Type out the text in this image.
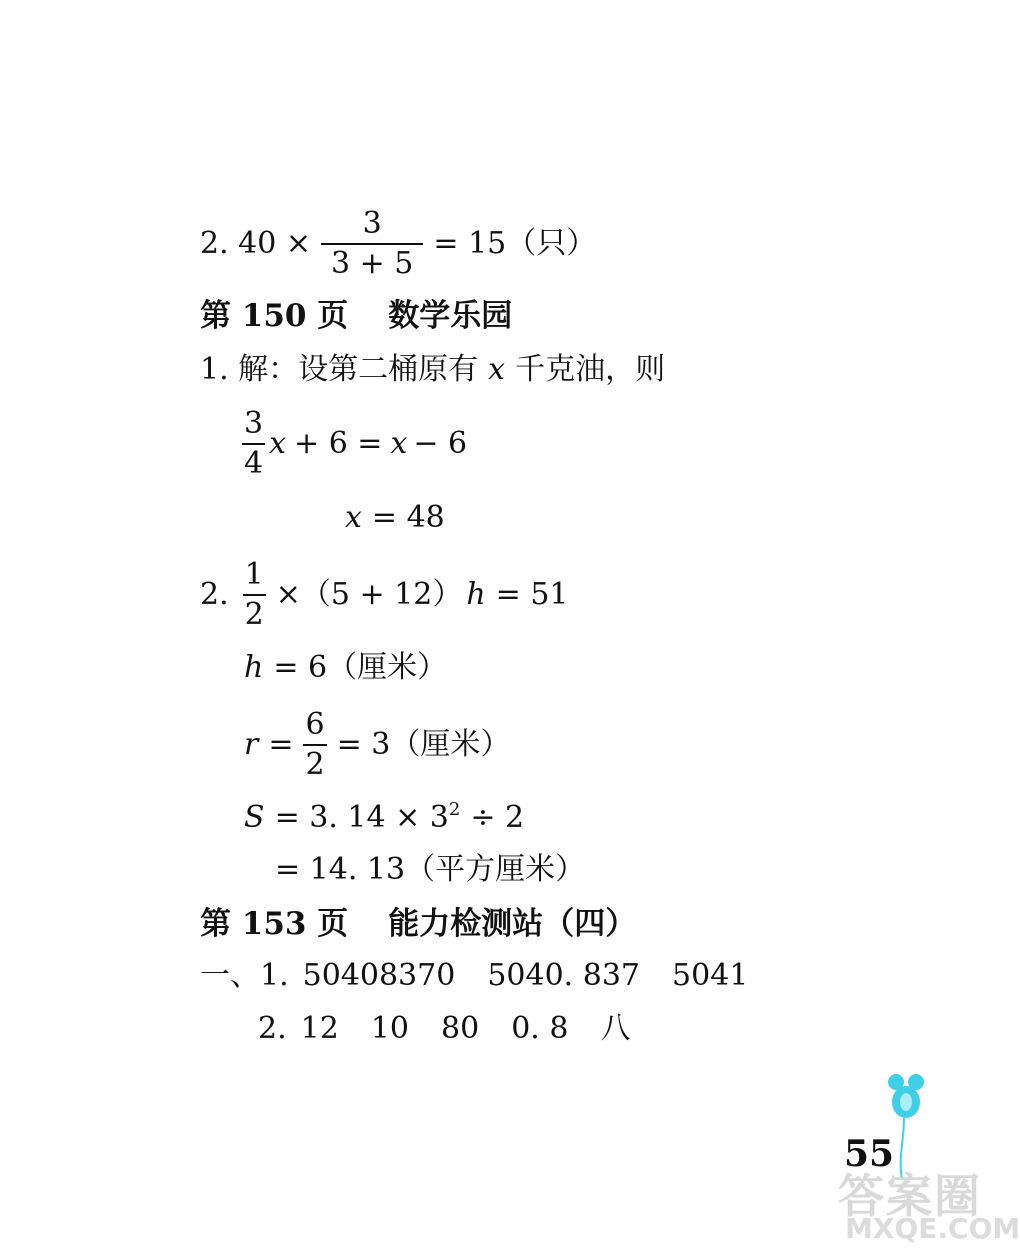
2. $40 \times \frac{3}{3 + 5} = 15$（只）
第 150 页 数学乐园
1. 解：设第二桶原有 x 千克油，则
$\frac{3}{4}$ x + 6 = x − 6
x = 48
2. $\frac{1}{2} \times(5 + 12) h = 51$
h = 6（厘米）
$r = \frac{6}{2} = 3$（厘米）
S = 3. $14 \times 3^2 \div 2$
= 14. 13（平方厘米）
第 153 页 能力检测站（四）
一、1. 50408370 5040. 837 5041
2. 12 10 80 0. 8 八
55
答案圈
MXQE.COM
